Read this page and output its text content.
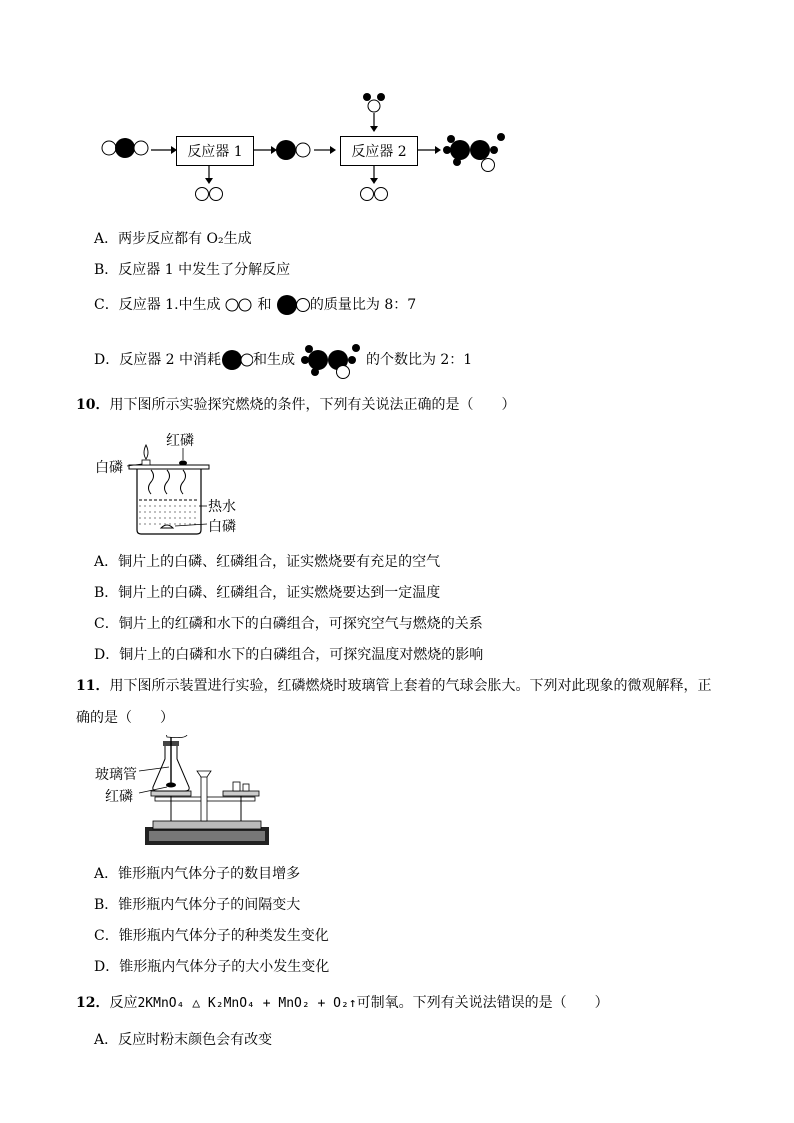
反应器 1	反应器 2
A．两步反应都有 O₂生成
B．反应器 1 中发生了分解反应
C．反应器 1.中生成	和	的质量比为 8：7
D．反应器 2 中消耗 和生成	的个数比为 2：1
10．用下图所示实验探究燃烧的条件，下列有关说法正确的是（　　）
红磷
白磷
热水
白磷
A．铜片上的白磷、红磷组合，证实燃烧要有充足的空气
B．铜片上的白磷、红磷组合，证实燃烧要达到一定温度
C．铜片上的红磷和水下的白磷组合，可探究空气与燃烧的关系
D．铜片上的白磷和水下的白磷组合，可探究温度对燃烧的影响
11．用下图所示装置进行实验，红磷燃烧时玻璃管上套着的气球会胀大。下列对此现象的微观解释，正
确的是（　　）
玻璃管
红磷
A．锥形瓶内气体分子的数目增多
B．锥形瓶内气体分子的间隔变大
C．锥形瓶内气体分子的种类发生变化
D．锥形瓶内气体分子的大小发生变化
12．反应2KMnO₄ △ K₂MnO₄ + MnO₂ + O₂↑可制氧。下列有关说法错误的是（　　）
A．反应时粉末颜色会有改变
